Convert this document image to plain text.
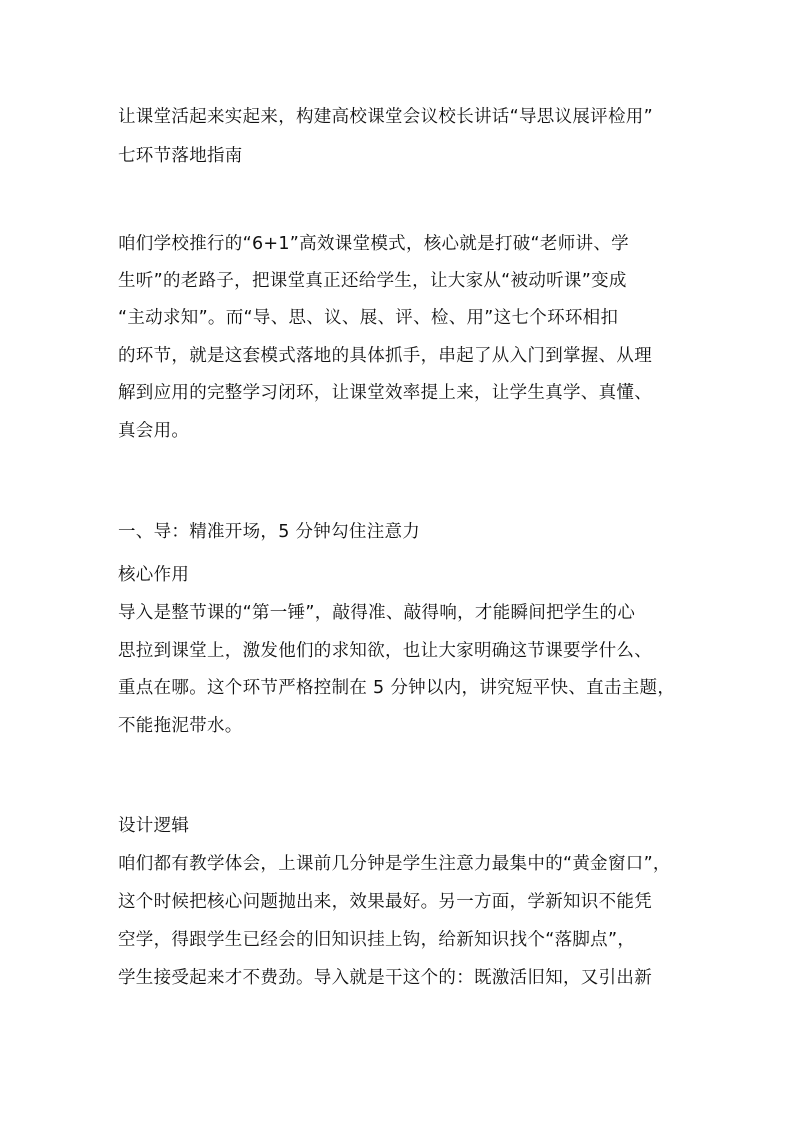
让课堂活起来实起来，构建高校课堂会议校长讲话“导思议展评检用”
七环节落地指南
咱们学校推行的“6+1”高效课堂模式，核心就是打破“老师讲、学
生听”的老路子，把课堂真正还给学生，让大家从“被动听课”变成
“主动求知”。而“导、思、议、展、评、检、用”这七个环环相扣
的环节，就是这套模式落地的具体抓手，串起了从入门到掌握、从理
解到应用的完整学习闭环，让课堂效率提上来，让学生真学、真懂、
真会用。
一、导：精准开场，5 分钟勾住注意力
核心作用
导入是整节课的“第一锤”，敲得准、敲得响，才能瞬间把学生的心
思拉到课堂上，激发他们的求知欲，也让大家明确这节课要学什么、
重点在哪。这个环节严格控制在 5 分钟以内，讲究短平快、直击主题，
不能拖泥带水。
设计逻辑
咱们都有教学体会，上课前几分钟是学生注意力最集中的“黄金窗口”，
这个时候把核心问题抛出来，效果最好。另一方面，学新知识不能凭
空学，得跟学生已经会的旧知识挂上钩，给新知识找个“落脚点”，
学生接受起来才不费劲。导入就是干这个的：既激活旧知，又引出新
